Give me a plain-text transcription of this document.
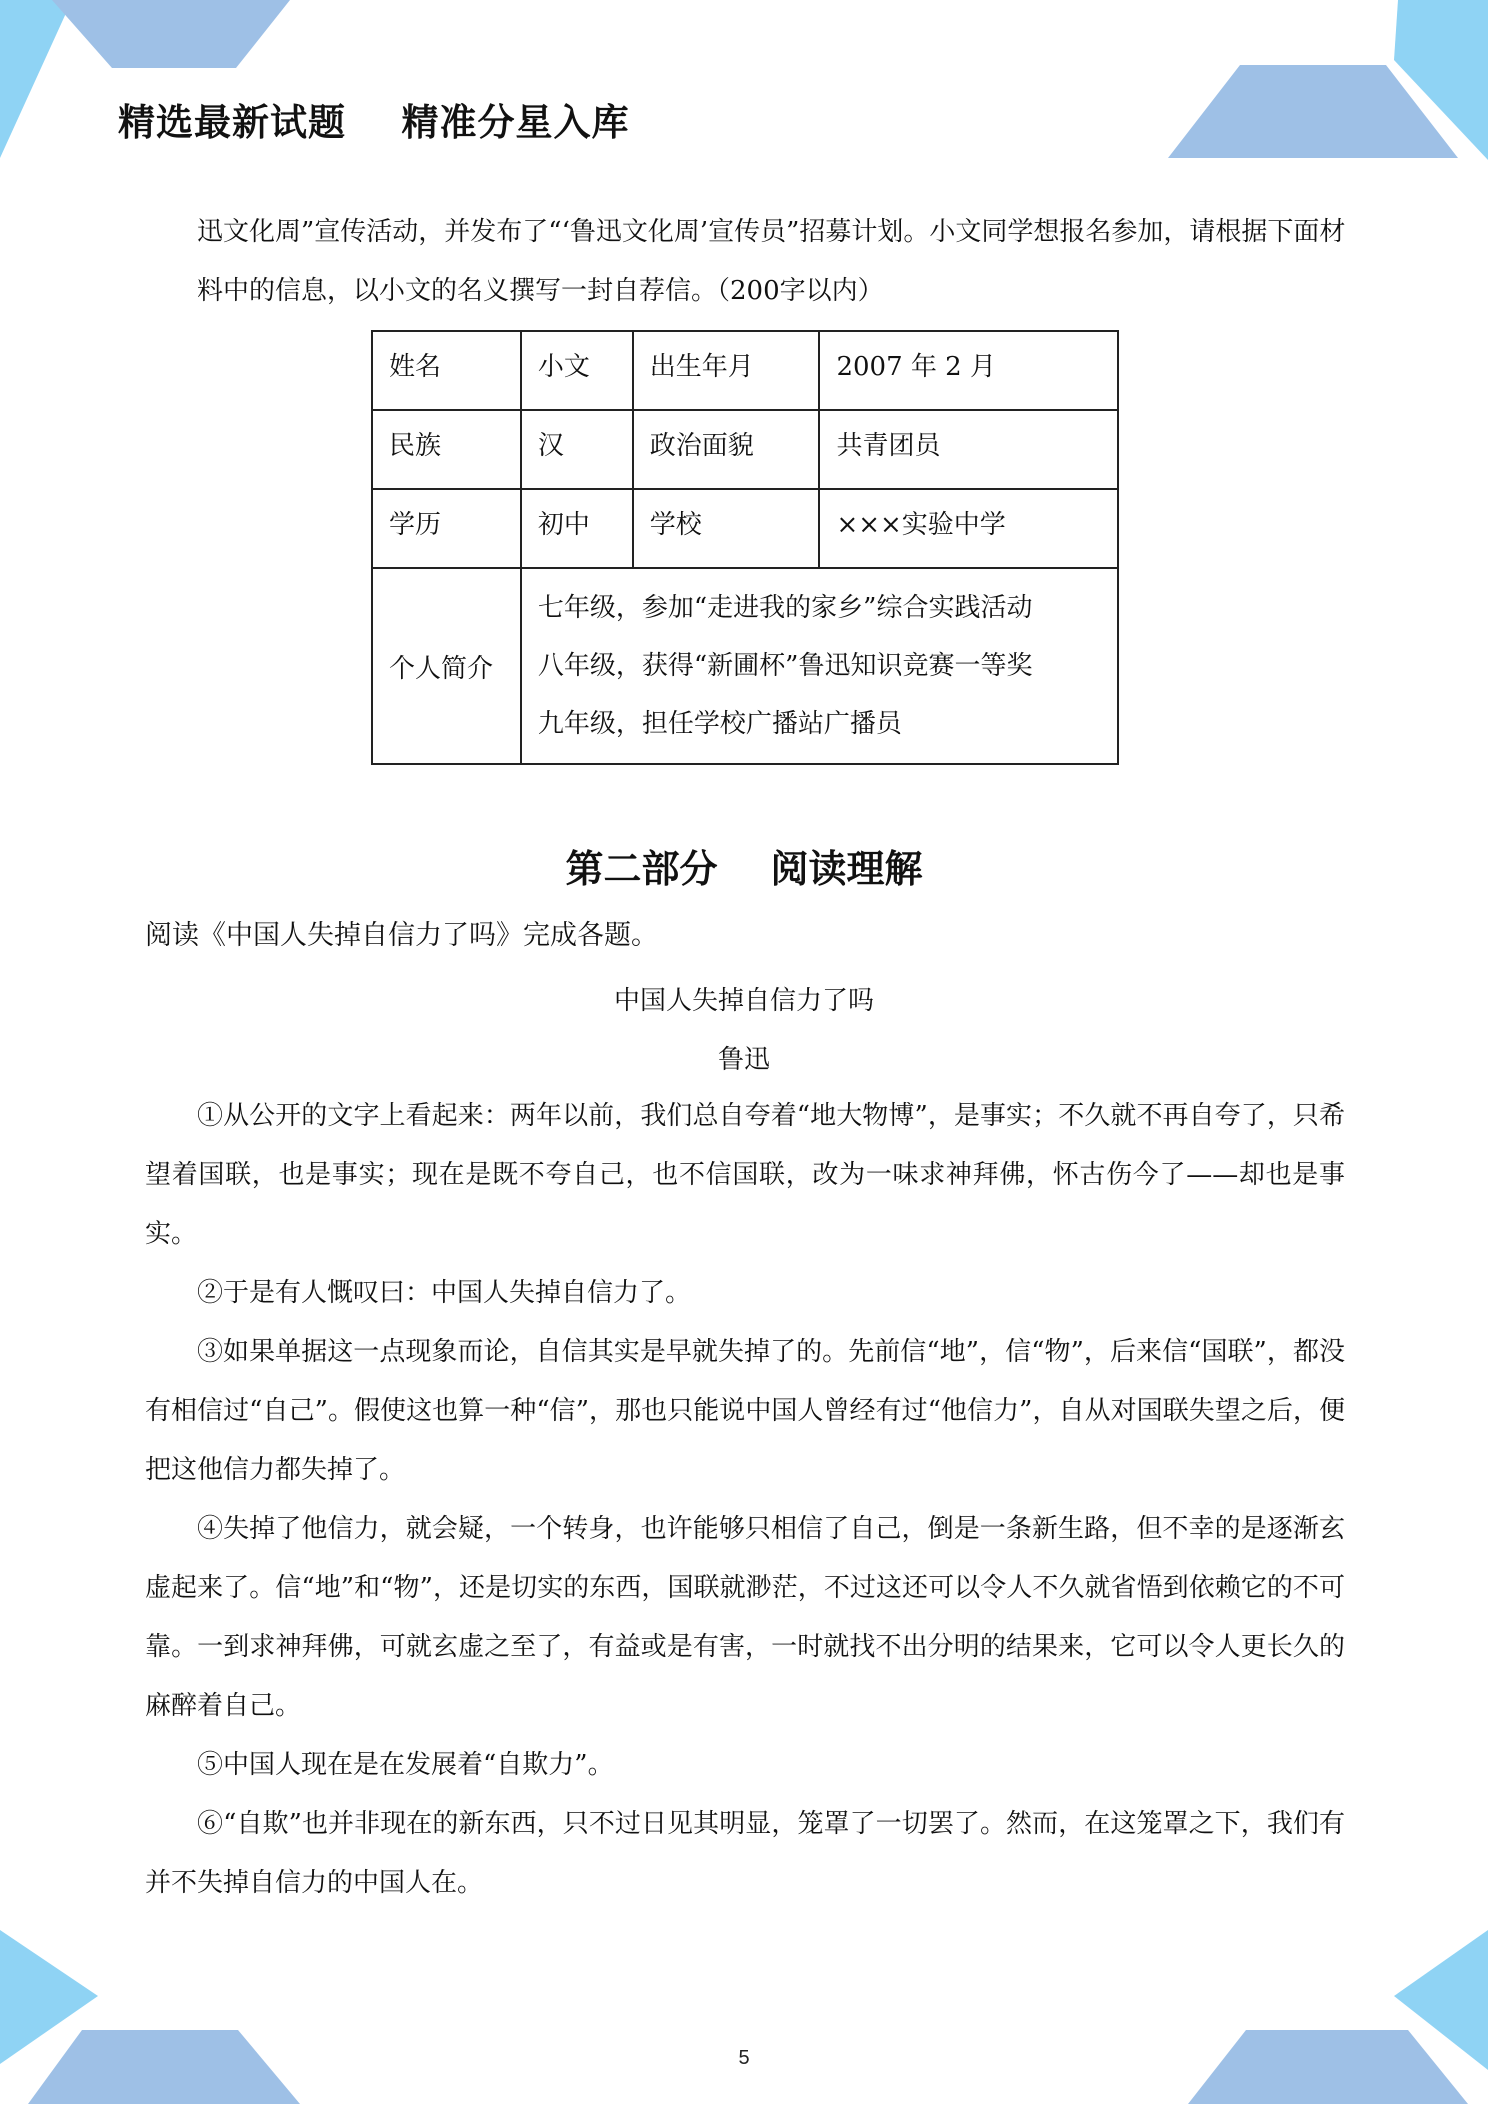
精选最新试题    精准分星入库

迅文化周”宣传活动，并发布了“‘鲁迅文化周’宣传员”招募计划。小文同学想报名参加，请根据下面材料中的信息，以小文的名义撰写一封自荐信。（200字以内）

姓名	小文	出生年月	2007 年 2 月
民族	汉	政治面貌	共青团员
学历	初中	学校	×××实验中学
个人简介	七年级，参加“走进我的家乡”综合实践活动
八年级，获得“新圃杯”鲁迅知识竞赛一等奖
九年级，担任学校广播站广播员		
第二部分    阅读理解

阅读《中国人失掉自信力了吗》完成各题。

中国人失掉自信力了吗

鲁迅

①从公开的文字上看起来：两年以前，我们总自夸着“地大物博”，是事实；不久就不再自夸了，只希望着国联，也是事实；现在是既不夸自己，也不信国联，改为一味求神拜佛，怀古伤今了——却也是事实。

②于是有人慨叹曰：中国人失掉自信力了。

③如果单据这一点现象而论，自信其实是早就失掉了的。先前信“地”，信“物”，后来信“国联”，都没有相信过“自己”。假使这也算一种“信”，那也只能说中国人曾经有过“他信力”，自从对国联失望之后，便把这他信力都失掉了。

④失掉了他信力，就会疑，一个转身，也许能够只相信了自己，倒是一条新生路，但不幸的是逐渐玄虚起来了。信“地”和“物”，还是切实的东西，国联就渺茫，不过这还可以令人不久就省悟到依赖它的不可靠。一到求神拜佛，可就玄虚之至了，有益或是有害，一时就找不出分明的结果来，它可以令人更长久的麻醉着自己。

⑤中国人现在是在发展着“自欺力”。

⑥“自欺”也并非现在的新东西，只不过日见其明显，笼罩了一切罢了。然而，在这笼罩之下，我们有并不失掉自信力的中国人在。

5
